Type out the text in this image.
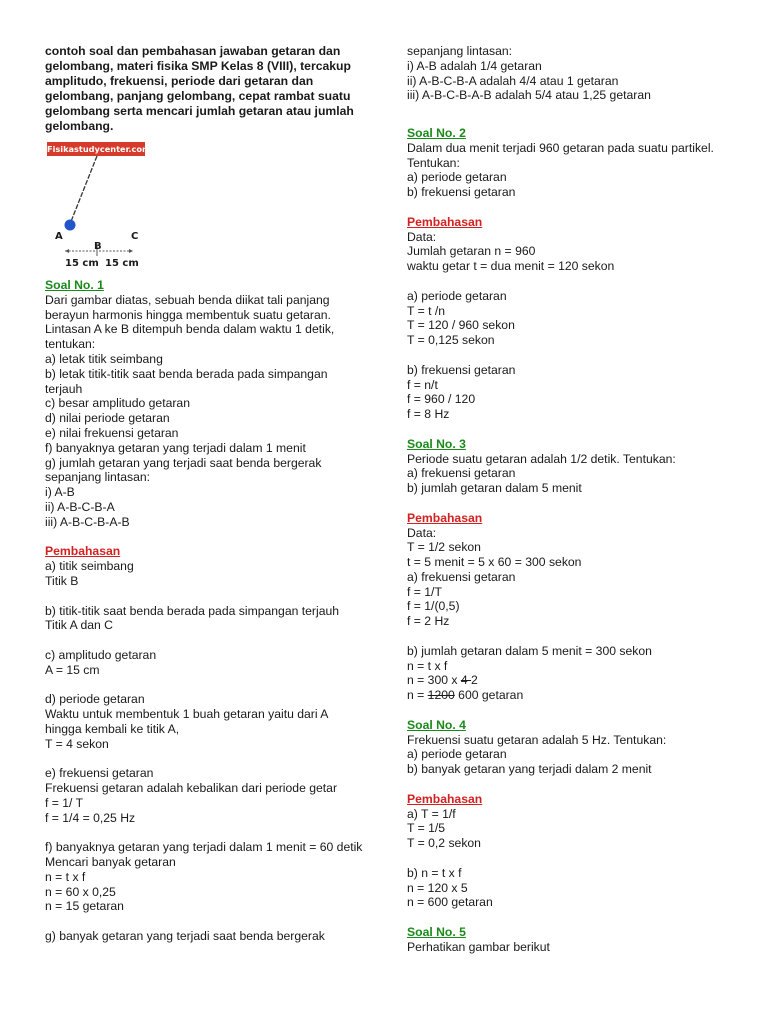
contoh soal dan pembahasan jawaban getaran dan gelombang, materi fisika SMP Kelas 8 (VIII), tercakup amplitudo, frekuensi, periode dari getaran dan gelombang, panjang gelombang, cepat rambat suatu gelombang serta mencari jumlah getaran atau jumlah gelombang.

Fisikastudycenter.com
A
B
C
15 cm 15 cm
Soal No. 1
Dari gambar diatas, sebuah benda diikat tali panjang berayun harmonis hingga membentuk suatu getaran. Lintasan A ke B ditempuh benda dalam waktu 1 detik, tentukan:
a) letak titik seimbang
b) letak titik-titik saat benda berada pada simpangan terjauh
c) besar amplitudo getaran
d) nilai periode getaran
e) nilai frekuensi getaran
f) banyaknya getaran yang terjadi dalam 1 menit
g) jumlah getaran yang terjadi saat benda bergerak sepanjang lintasan:
i) A-B
ii) A-B-C-B-A
iii) A-B-C-B-A-B
Pembahasan
a) titik seimbang
Titik B
b) titik-titik saat benda berada pada simpangan terjauh
Titik A dan C
c) amplitudo getaran
A = 15 cm
d) periode getaran
Waktu untuk membentuk 1 buah getaran yaitu dari A hingga kembali ke titik A,
T = 4 sekon
e) frekuensi getaran
Frekuensi getaran adalah kebalikan dari periode getar
f = 1/ T
f = 1/4 = 0,25 Hz
f) banyaknya getaran yang terjadi dalam 1 menit = 60 detik
Mencari banyak getaran
n = t x f
n = 60 x 0,25
n = 15 getaran
g) banyak getaran yang terjadi saat benda bergerak
sepanjang lintasan:
i) A-B adalah 1/4 getaran
ii) A-B-C-B-A adalah 4/4 atau 1 getaran
iii) A-B-C-B-A-B adalah 5/4 atau 1,25 getaran
Soal No. 2
Dalam dua menit terjadi 960 getaran pada suatu partikel.
Tentukan:
a) periode getaran
b) frekuensi getaran
Pembahasan
Data:
Jumlah getaran n = 960
waktu getar t = dua menit = 120 sekon
a) periode getaran
T = t /n
T = 120 / 960 sekon
T = 0,125 sekon
b) frekuensi getaran
f = n/t
f = 960 / 120
f = 8 Hz
Soal No. 3
Periode suatu getaran adalah 1/2 detik. Tentukan:
a) frekuensi getaran
b) jumlah getaran dalam 5 menit
Pembahasan
Data:
T = 1/2 sekon
t = 5 menit = 5 x 60 = 300 sekon
a) frekuensi getaran
f = 1/T
f = 1/(0,5)
f = 2 Hz
b) jumlah getaran dalam 5 menit = 300 sekon
n = t x f
n = 300 x 4 2
n = 1200 600 getaran
Soal No. 4
Frekuensi suatu getaran adalah 5 Hz. Tentukan:
a) periode getaran
b) banyak getaran yang terjadi dalam 2 menit
Pembahasan
a) T = 1/f
T = 1/5
T = 0,2 sekon
b) n = t x f
n = 120 x 5
n = 600 getaran
Soal No. 5
Perhatikan gambar berikut
